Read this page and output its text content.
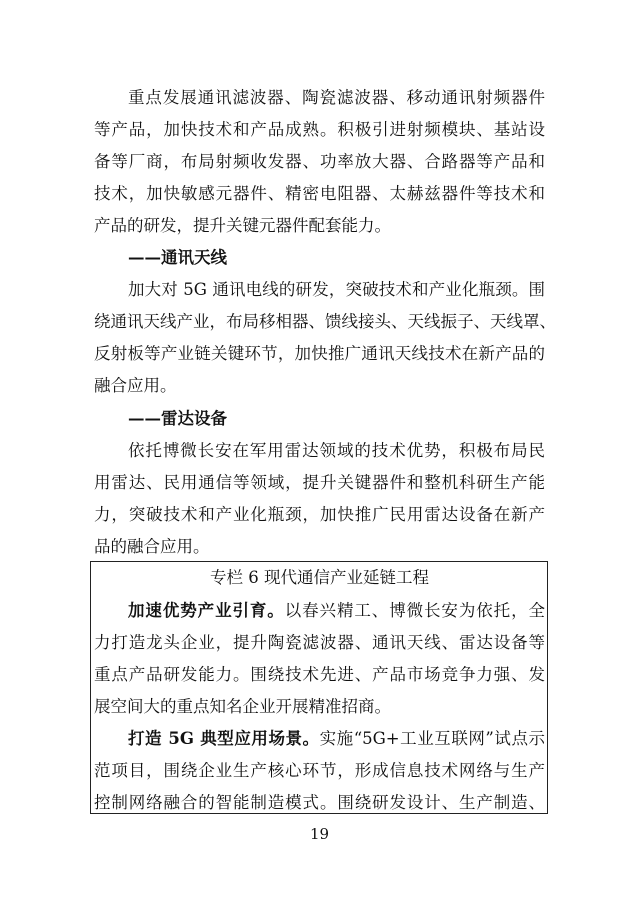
重点发展通讯滤波器、陶瓷滤波器、移动通讯射频器件

等产品，加快技术和产品成熟。积极引进射频模块、基站设

备等厂商，布局射频收发器、功率放大器、合路器等产品和

技术，加快敏感元器件、精密电阻器、太赫兹器件等技术和

产品的研发，提升关键元器件配套能力。

——通讯天线

加大对 5G 通讯电线的研发，突破技术和产业化瓶颈。围

绕通讯天线产业，布局移相器、馈线接头、天线振子、天线罩、

反射板等产业链关键环节，加快推广通讯天线技术在新产品的

融合应用。

——雷达设备

依托博微长安在军用雷达领域的技术优势，积极布局民

用雷达、民用通信等领域，提升关键器件和整机科研生产能

力，突破技术和产业化瓶颈，加快推广民用雷达设备在新产

品的融合应用。

专栏 6 现代通信产业延链工程

加速优势产业引育。以春兴精工、博微长安为依托，全

力打造龙头企业，提升陶瓷滤波器、通讯天线、雷达设备等

重点产品研发能力。围绕技术先进、产品市场竞争力强、发

展空间大的重点知名企业开展精准招商。

打造 5G 典型应用场景。实施“5G+工业互联网”试点示

范项目，围绕企业生产核心环节，形成信息技术网络与生产

控制网络融合的智能制造模式。围绕研发设计、生产制造、

19
